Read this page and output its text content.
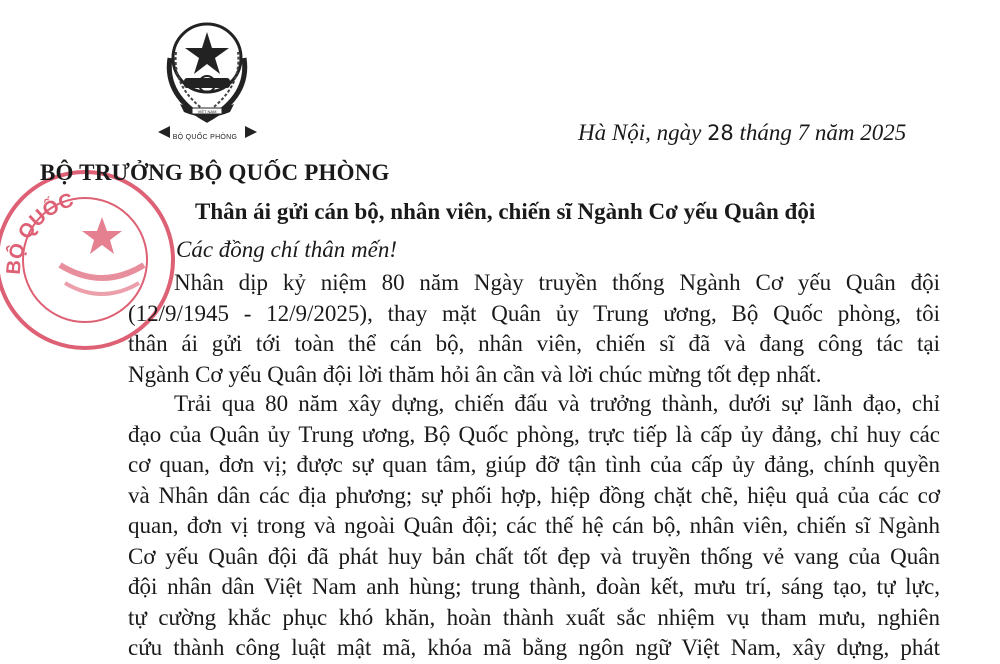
VIỆT NAM
BỘ QUỐC PHÒNG
BỘ QUỐC
Hà Nội, ngày 28 tháng 7 năm 2025
BỘ TRƯỞNG BỘ QUỐC PHÒNG
Thân ái gửi cán bộ, nhân viên, chiến sĩ Ngành Cơ yếu Quân đội
Các đồng chí thân mến!
Nhân dịp kỷ niệm 80 năm Ngày truyền thống Ngành Cơ yếu Quân đội
(12/9/1945 - 12/9/2025), thay mặt Quân ủy Trung ương, Bộ Quốc phòng, tôi
thân ái gửi tới toàn thể cán bộ, nhân viên, chiến sĩ đã và đang công tác tại
Ngành Cơ yếu Quân đội lời thăm hỏi ân cần và lời chúc mừng tốt đẹp nhất.
Trải qua 80 năm xây dựng, chiến đấu và trưởng thành, dưới sự lãnh đạo, chỉ
đạo của Quân ủy Trung ương, Bộ Quốc phòng, trực tiếp là cấp ủy đảng, chỉ huy các
cơ quan, đơn vị; được sự quan tâm, giúp đỡ tận tình của cấp ủy đảng, chính quyền
và Nhân dân các địa phương; sự phối hợp, hiệp đồng chặt chẽ, hiệu quả của các cơ
quan, đơn vị trong và ngoài Quân đội; các thế hệ cán bộ, nhân viên, chiến sĩ Ngành
Cơ yếu Quân đội đã phát huy bản chất tốt đẹp và truyền thống vẻ vang của Quân
đội nhân dân Việt Nam anh hùng; trung thành, đoàn kết, mưu trí, sáng tạo, tự lực,
tự cường khắc phục khó khăn, hoàn thành xuất sắc nhiệm vụ tham mưu, nghiên
cứu thành công luật mật mã, khóa mã bằng ngôn ngữ Việt Nam, xây dựng, phát
